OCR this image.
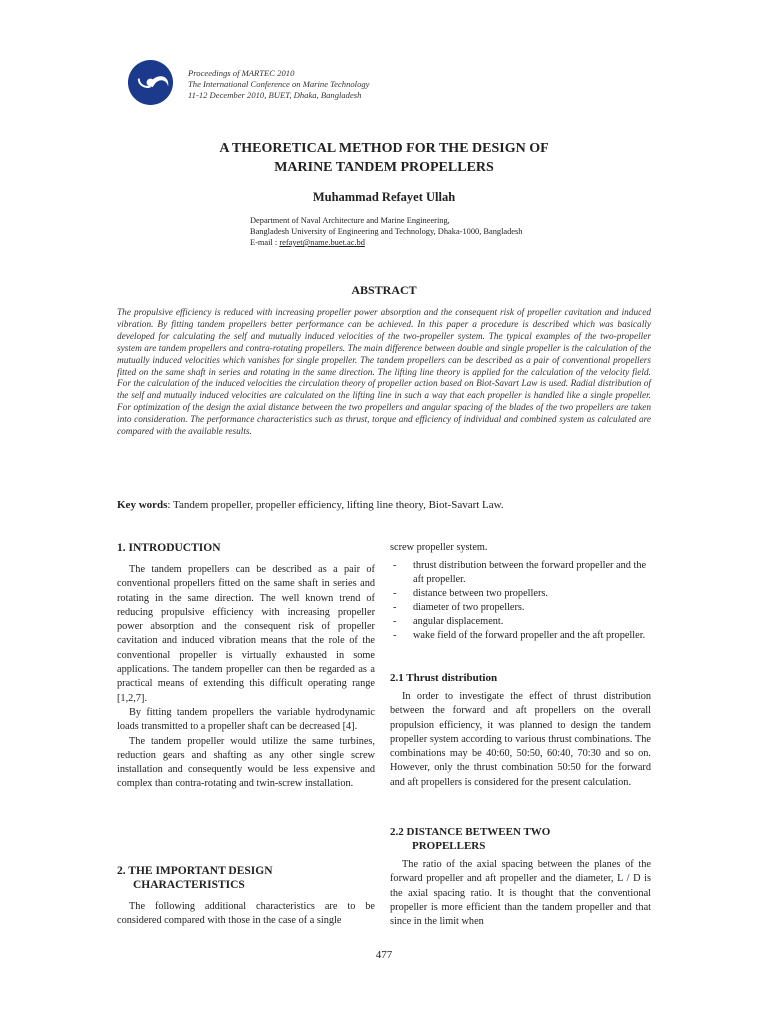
Proceedings of MARTEC 2010
The International Conference on Marine Technology
11-12 December 2010, BUET, Dhaka, Bangladesh
A THEORETICAL METHOD FOR THE DESIGN OF
MARINE TANDEM PROPELLERS
Muhammad Refayet Ullah
Department of Naval Architecture and Marine Engineering,
Bangladesh University of Engineering and Technology, Dhaka-1000, Bangladesh
E-mail : refayet@name.buet.ac.bd
ABSTRACT
The propulsive efficiency is reduced with increasing propeller power absorption and the consequent risk of propeller cavitation and induced vibration. By fitting tandem propellers better performance can be achieved. In this paper a procedure is described which was basically developed for calculating the self and mutually induced velocities of the two-propeller system. The typical examples of the two-propeller system are tandem propellers and contra-rotating propellers. The main difference between double and single propeller is the calculation of the mutually induced velocities which vanishes for single propeller. The tandem propellers can be described as a pair of conventional propellers fitted on the same shaft in series and rotating in the same direction. The lifting line theory is applied for the calculation of the velocity field. For the calculation of the induced velocities the circulation theory of propeller action based on Biot-Savart Law is used. Radial distribution of the self and mutually induced velocities are calculated on the lifting line in such a way that each propeller is handled like a single propeller. For optimization of the design the axial distance between the two propellers and angular spacing of the blades of the two propellers are taken into consideration. The performance characteristics such as thrust, torque and efficiency of individual and combined system as calculated are compared with the available results.
Key words: Tandem propeller, propeller efficiency, lifting line theory, Biot-Savart Law.
1. INTRODUCTION

The tandem propellers can be described as a pair of conventional propellers fitted on the same shaft in series and rotating in the same direction. The well known trend of reducing propulsive efficiency with increasing propeller power absorption and the consequent risk of propeller cavitation and induced vibration means that the role of the conventional propeller is virtually exhausted in some applications. The tandem propeller can then be regarded as a practical means of extending this difficult operating range [1,2,7].

By fitting tandem propellers the variable hydrodynamic loads transmitted to a propeller shaft can be decreased [4].

The tandem propeller would utilize the same turbines, reduction gears and shafting as any other single screw installation and consequently would be less expensive and complex than contra-rotating and twin-screw installation.

2. THE IMPORTANT DESIGN
CHARACTERISTICS

The following additional characteristics are to be considered compared with those in the case of a single

screw propeller system.
-	thrust distribution between the forward propeller and the aft propeller.
-	distance between two propellers.
-	diameter of two propellers.
-	angular displacement.
-	wake field of the forward propeller and the aft propeller.
2.1 Thrust distribution

In order to investigate the effect of thrust distribution between the forward and aft propellers on the overall propulsion efficiency, it was planned to design the tandem propeller system according to various thrust combinations. The combinations may be 40:60, 50:50, 60:40, 70:30 and so on. However, only the thrust combination 50:50 for the forward and aft propellers is considered for the present calculation.

2.2 DISTANCE BETWEEN TWO
PROPELLERS

The ratio of the axial spacing between the planes of the forward propeller and aft propeller and the diameter, L / D is the axial spacing ratio. It is thought that the conventional propeller is more efficient than the tandem propeller and that since in the limit when

477
